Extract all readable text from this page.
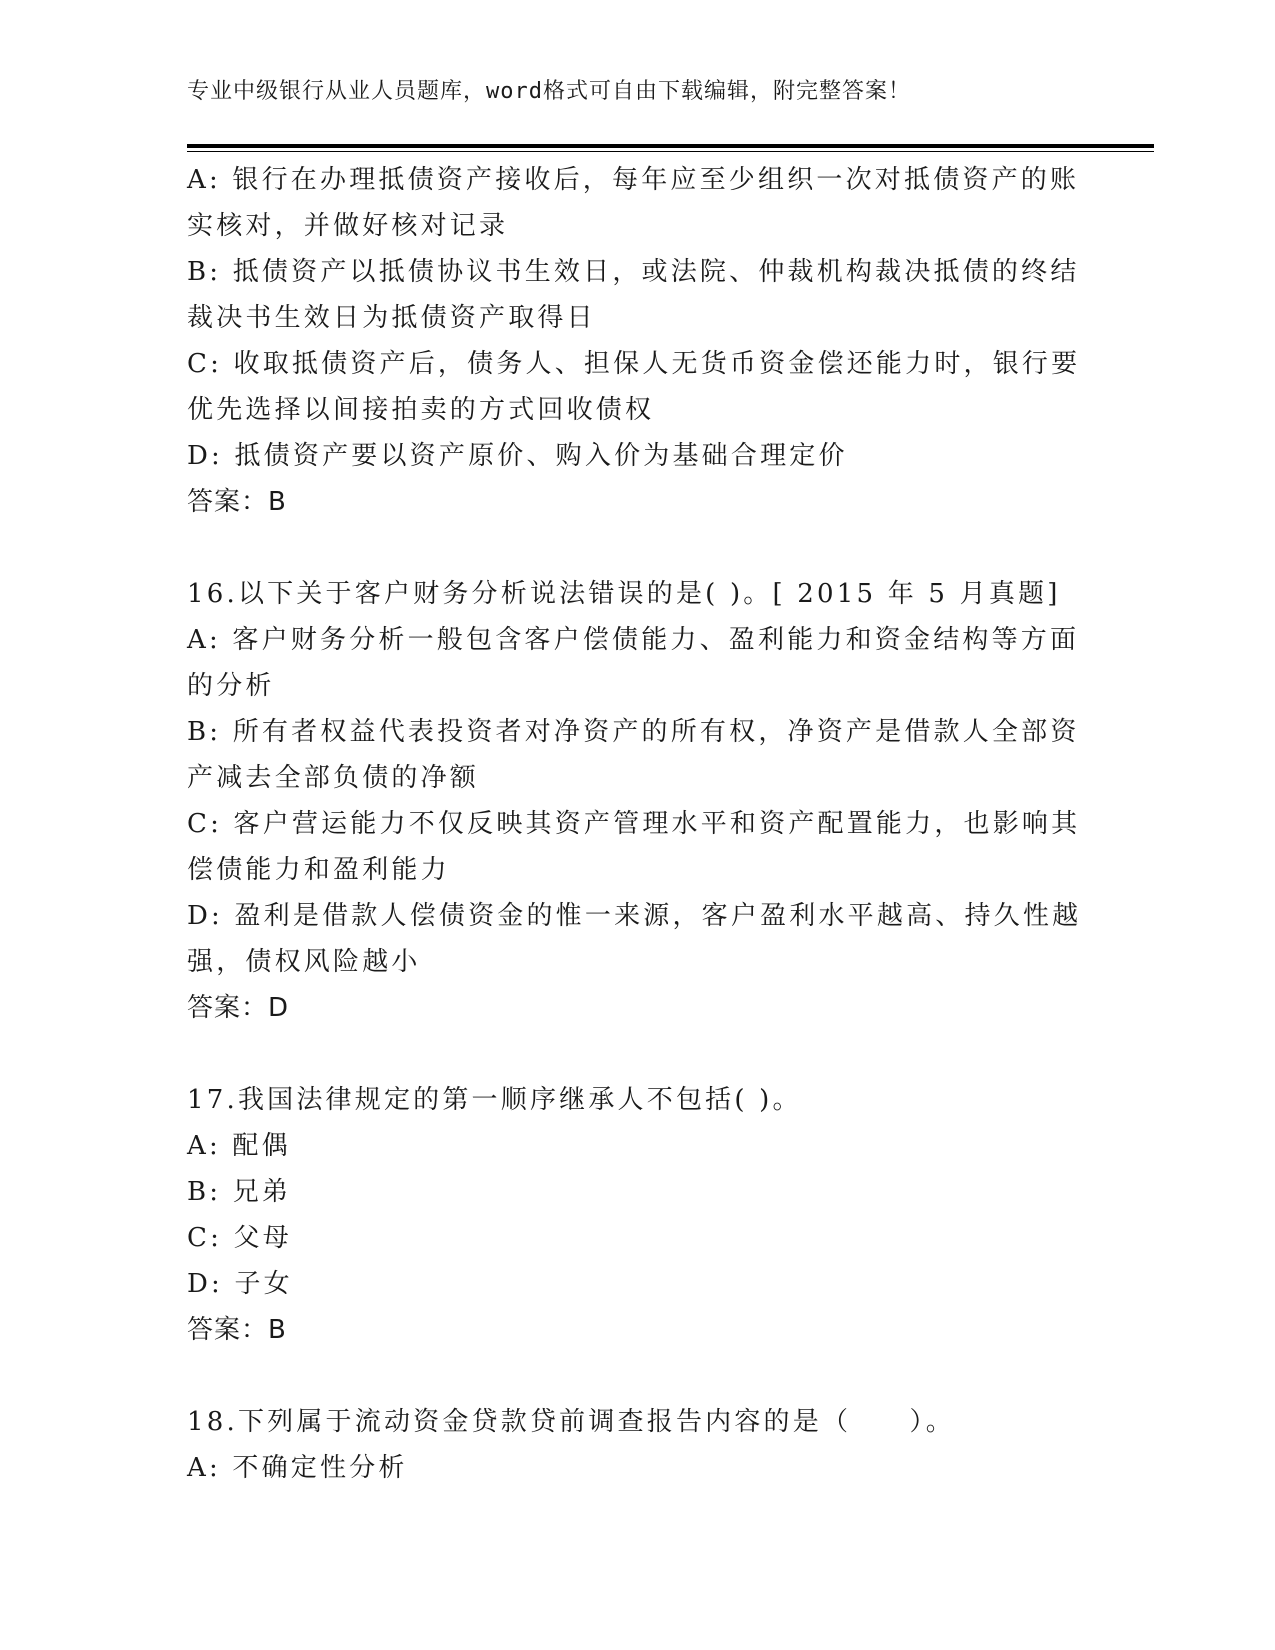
专业中级银行从业人员题库，word格式可自由下载编辑，附完整答案！
A: 银行在办理抵债资产接收后，每年应至少组织一次对抵债资产的账
实核对，并做好核对记录
B: 抵债资产以抵债协议书生效日，或法院、仲裁机构裁决抵债的终结
裁决书生效日为抵债资产取得日
C: 收取抵债资产后，债务人、担保人无货币资金偿还能力时，银行要
优先选择以间接拍卖的方式回收债权
D: 抵债资产要以资产原价、购入价为基础合理定价
答案：B
16.以下关于客户财务分析说法错误的是( )。[ 2015 年 5 月真题]
A: 客户财务分析一般包含客户偿债能力、盈利能力和资金结构等方面
的分析
B: 所有者权益代表投资者对净资产的所有权，净资产是借款人全部资
产减去全部负债的净额
C: 客户营运能力不仅反映其资产管理水平和资产配置能力，也影响其
偿债能力和盈利能力
D: 盈利是借款人偿债资金的惟一来源，客户盈利水平越高、持久性越
强，债权风险越小
答案：D
17.我国法律规定的第一顺序继承人不包括( )。
A: 配偶
B: 兄弟
C: 父母
D: 子女
答案：B
18.下列属于流动资金贷款贷前调查报告内容的是（　　）。
A: 不确定性分析
